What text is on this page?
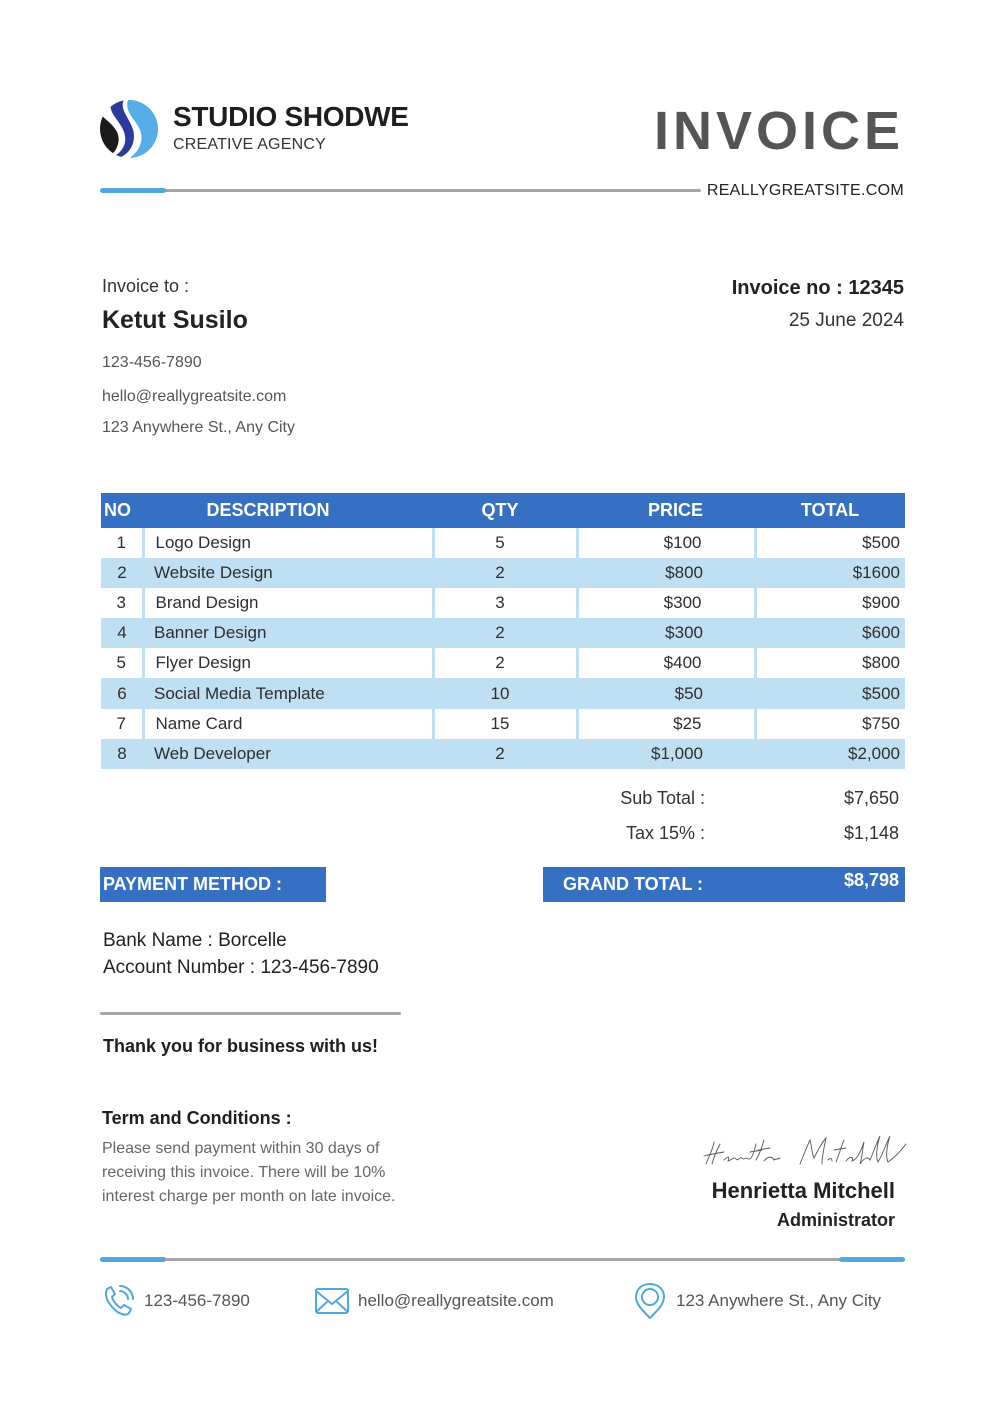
STUDIO SHODWE
CREATIVE AGENCY	INVOICE
REALLYGREATSITE.COM
Invoice to :
Ketut Susilo
123-456-7890
hello@reallygreatsite.com
123 Anywhere St., Any City
Invoice no : 12345
25 June 2024
NO	DESCRIPTION	QTY	PRICE	TOTAL
1	Logo Design	5	$100	$500
2	Website Design	2	$800	$1600
3	Brand Design	3	$300	$900
4	Banner Design	2	$300	$600
5	Flyer Design	2	$400	$800
6	Social Media Template	10	$50	$500
7	Name Card	15	$25	$750
8	Web Developer	2	$1,000	$2,000
Sub Total :	$7,650
Tax 15% :	$1,148
GRAND TOTAL :	$8,798
PAYMENT METHOD :
Bank Name : Borcelle
Account Number : 123-456-7890
Thank you for business with us!
Term and Conditions :
Please send payment within 30 days of receiving this invoice. There will be 10% interest charge per month on late invoice.	Henrietta Mitchell
Administrator
123-456-7890	hello@reallygreatsite.com	123 Anywhere St., Any City
